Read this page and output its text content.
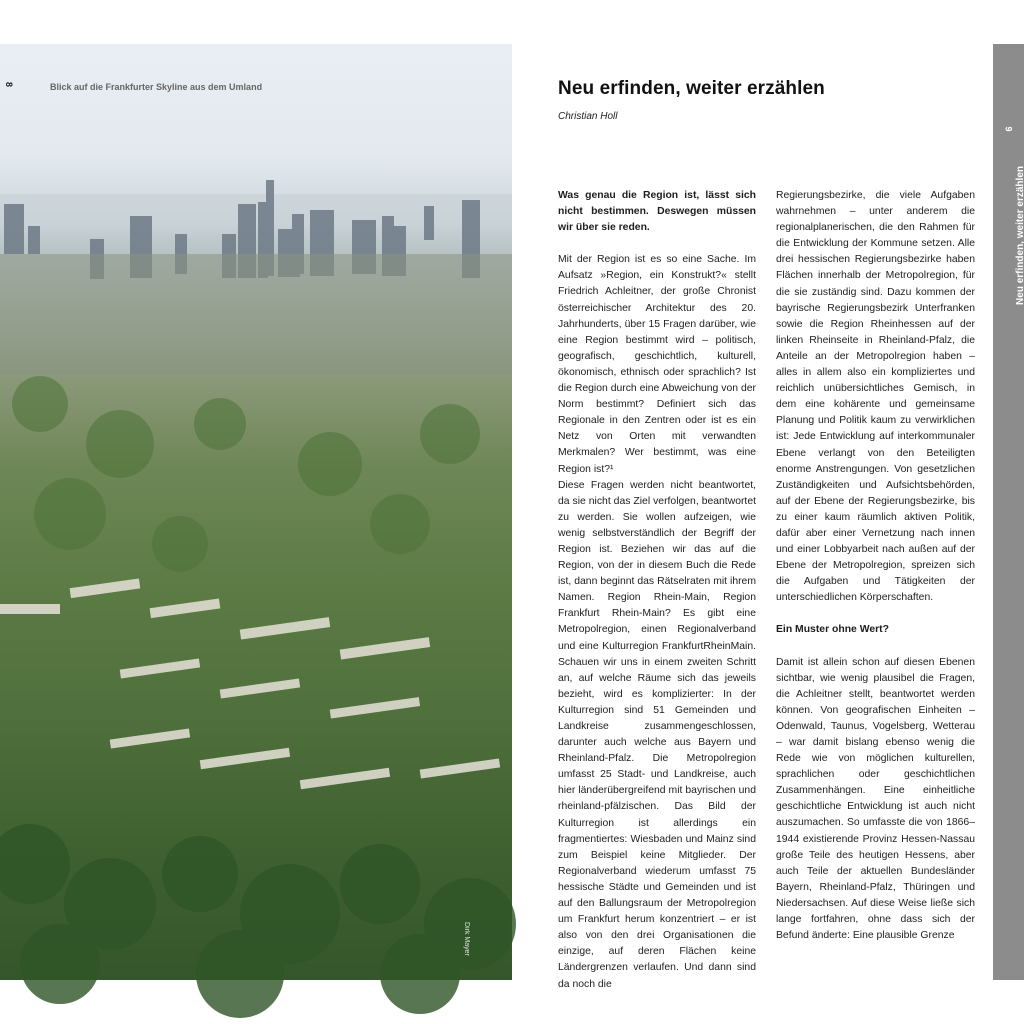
Dirk Mayer
8	Blick auf die Frankfurter Skyline aus dem Umland	Neu erfinden, weiter erzählen
Christian Holl

Was genau die Region ist, lässt sich nicht bestimmen. Deswegen müssen wir über sie reden.

Mit der Region ist es so eine Sache. Im Aufsatz »Region, ein Konstrukt?« stellt Friedrich Achleitner, der große Chronist österreichischer Architektur des 20. Jahrhunderts, über 15 Fragen darüber, wie eine Region bestimmt wird – politisch, geografisch, geschichtlich, kulturell, ökonomisch, ethnisch oder sprachlich? Ist die Region durch eine Abweichung von der Norm bestimmt? Definiert sich das Regionale in den Zentren oder ist es ein Netz von Orten mit verwandten Merkmalen? Wer bestimmt, was eine Region ist?¹

Diese Fragen werden nicht beantwortet, da sie nicht das Ziel verfolgen, beantwortet zu werden. Sie wollen aufzeigen, wie wenig selbstverständlich der Begriff der Region ist. Beziehen wir das auf die Region, von der in diesem Buch die Rede ist, dann beginnt das Rätselraten mit ihrem Namen. Region Rhein-Main, Region Frankfurt Rhein-Main? Es gibt eine Metropolregion, einen Regionalverband und eine Kulturregion FrankfurtRheinMain. Schauen wir uns in einem zweiten Schritt an, auf welche Räume sich das jeweils bezieht, wird es komplizierter: In der Kulturregion sind 51 Gemeinden und Landkreise zusammengeschlossen, darunter auch welche aus Bayern und Rheinland-Pfalz. Die Metropolregion umfasst 25 Stadt- und Landkreise, auch hier länderübergreifend mit bayrischen und rheinland-pfälzischen. Das Bild der Kulturregion ist allerdings ein fragmentiertes: Wiesbaden und Mainz sind zum Beispiel keine Mitglieder. Der Regionalverband wiederum umfasst 75 hessische Städte und Gemeinden und ist auf den Ballungsraum der Metropolregion um Frankfurt herum konzentriert – er ist also von den drei Organisationen die einzige, auf deren Flächen keine Ländergrenzen verlaufen. Und dann sind da noch die

Regierungsbezirke, die viele Aufgaben wahrnehmen – unter anderem die regionalplanerischen, die den Rahmen für die Entwicklung der Kommune setzen. Alle drei hessischen Regierungsbezirke haben Flächen innerhalb der Metropolregion, für die sie zuständig sind. Dazu kommen der bayrische Regierungsbezirk Unterfranken sowie die Region Rheinhessen auf der linken Rheinseite in Rheinland-Pfalz, die Anteile an der Metropolregion haben – alles in allem also ein kompliziertes und reichlich unübersichtliches Gemisch, in dem eine kohärente und gemeinsame Planung und Politik kaum zu verwirklichen ist: Jede Entwicklung auf interkommunaler Ebene verlangt von den Beteiligten enorme Anstrengungen. Von gesetzlichen Zuständigkeiten und Aufsichtsbehörden, auf der Ebene der Regierungsbezirke, bis zu einer kaum räumlich aktiven Politik, dafür aber einer Vernetzung nach innen und einer Lobbyarbeit nach außen auf der Ebene der Metropolregion, spreizen sich die Aufgaben und Tätigkeiten der unterschiedlichen Körperschaften.

Ein Muster ohne Wert?

Damit ist allein schon auf diesen Ebenen sichtbar, wie wenig plausibel die Fragen, die Achleitner stellt, beantwortet werden können. Von geografischen Einheiten – Odenwald, Taunus, Vogelsberg, Wetterau – war damit bislang ebenso wenig die Rede wie von möglichen kulturellen, sprachlichen oder geschichtlichen Zusammenhängen. Eine einheitliche geschichtliche Entwicklung ist auch nicht auszumachen. So umfasste die von 1866–1944 existierende Provinz Hessen-Nassau große Teile des heutigen Hessens, aber auch Teile der aktuellen Bundesländer Bayern, Rheinland-Pfalz, Thüringen und Niedersachsen. Auf diese Weise ließe sich lange fortfahren, ohne dass sich der Befund änderte: Eine plausible Grenze

9
Neu erfinden, weiter erzählen
